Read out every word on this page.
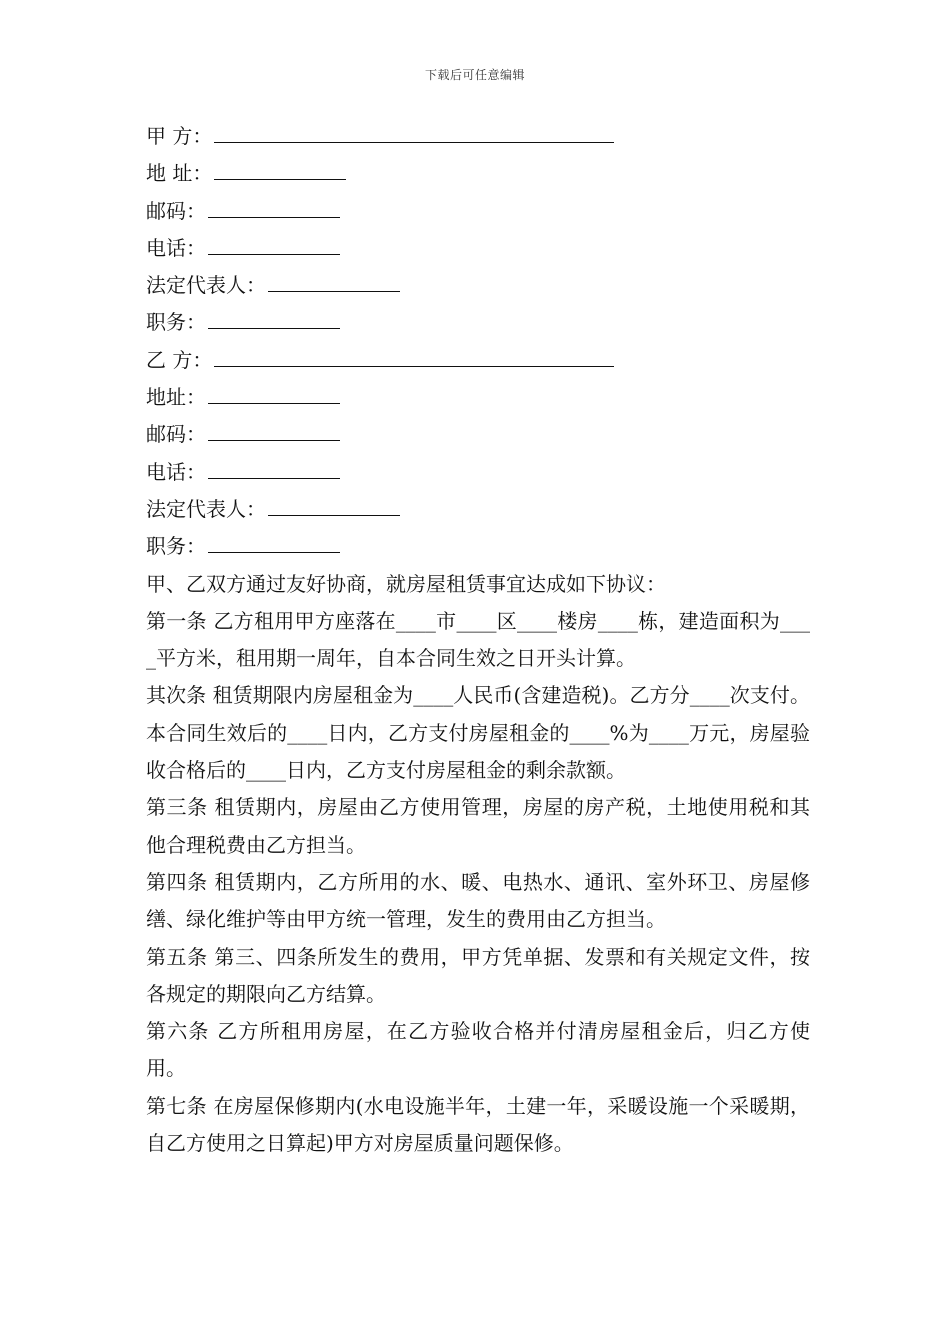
下载后可任意编辑
甲 方：
地 址：
邮码：
电话：
法定代表人：
职务：
乙 方：
地址：
邮码：
电话：
法定代表人：
职务：
甲、乙双方通过友好协商，就房屋租赁事宜达成如下协议：
第一条 乙方租用甲方座落在____市____区____楼房____栋，建造面积为____平方米，租用期一周年，自本合同生效之日开头计算。
其次条 租赁期限内房屋租金为____人民币(含建造税)。乙方分____次支付。本合同生效后的____日内，乙方支付房屋租金的____%为____万元，房屋验收合格后的____日内，乙方支付房屋租金的剩余款额。
第三条 租赁期内，房屋由乙方使用管理，房屋的房产税，土地使用税和其他合理税费由乙方担当。
第四条 租赁期内，乙方所用的水、暖、电热水、通讯、室外环卫、房屋修缮、绿化维护等由甲方统一管理，发生的费用由乙方担当。
第五条 第三、四条所发生的费用，甲方凭单据、发票和有关规定文件，按各规定的期限向乙方结算。
第六条 乙方所租用房屋，在乙方验收合格并付清房屋租金后，归乙方使用。
第七条 在房屋保修期内(水电设施半年，土建一年，采暖设施一个采暖期，自乙方使用之日算起)甲方对房屋质量问题保修。
